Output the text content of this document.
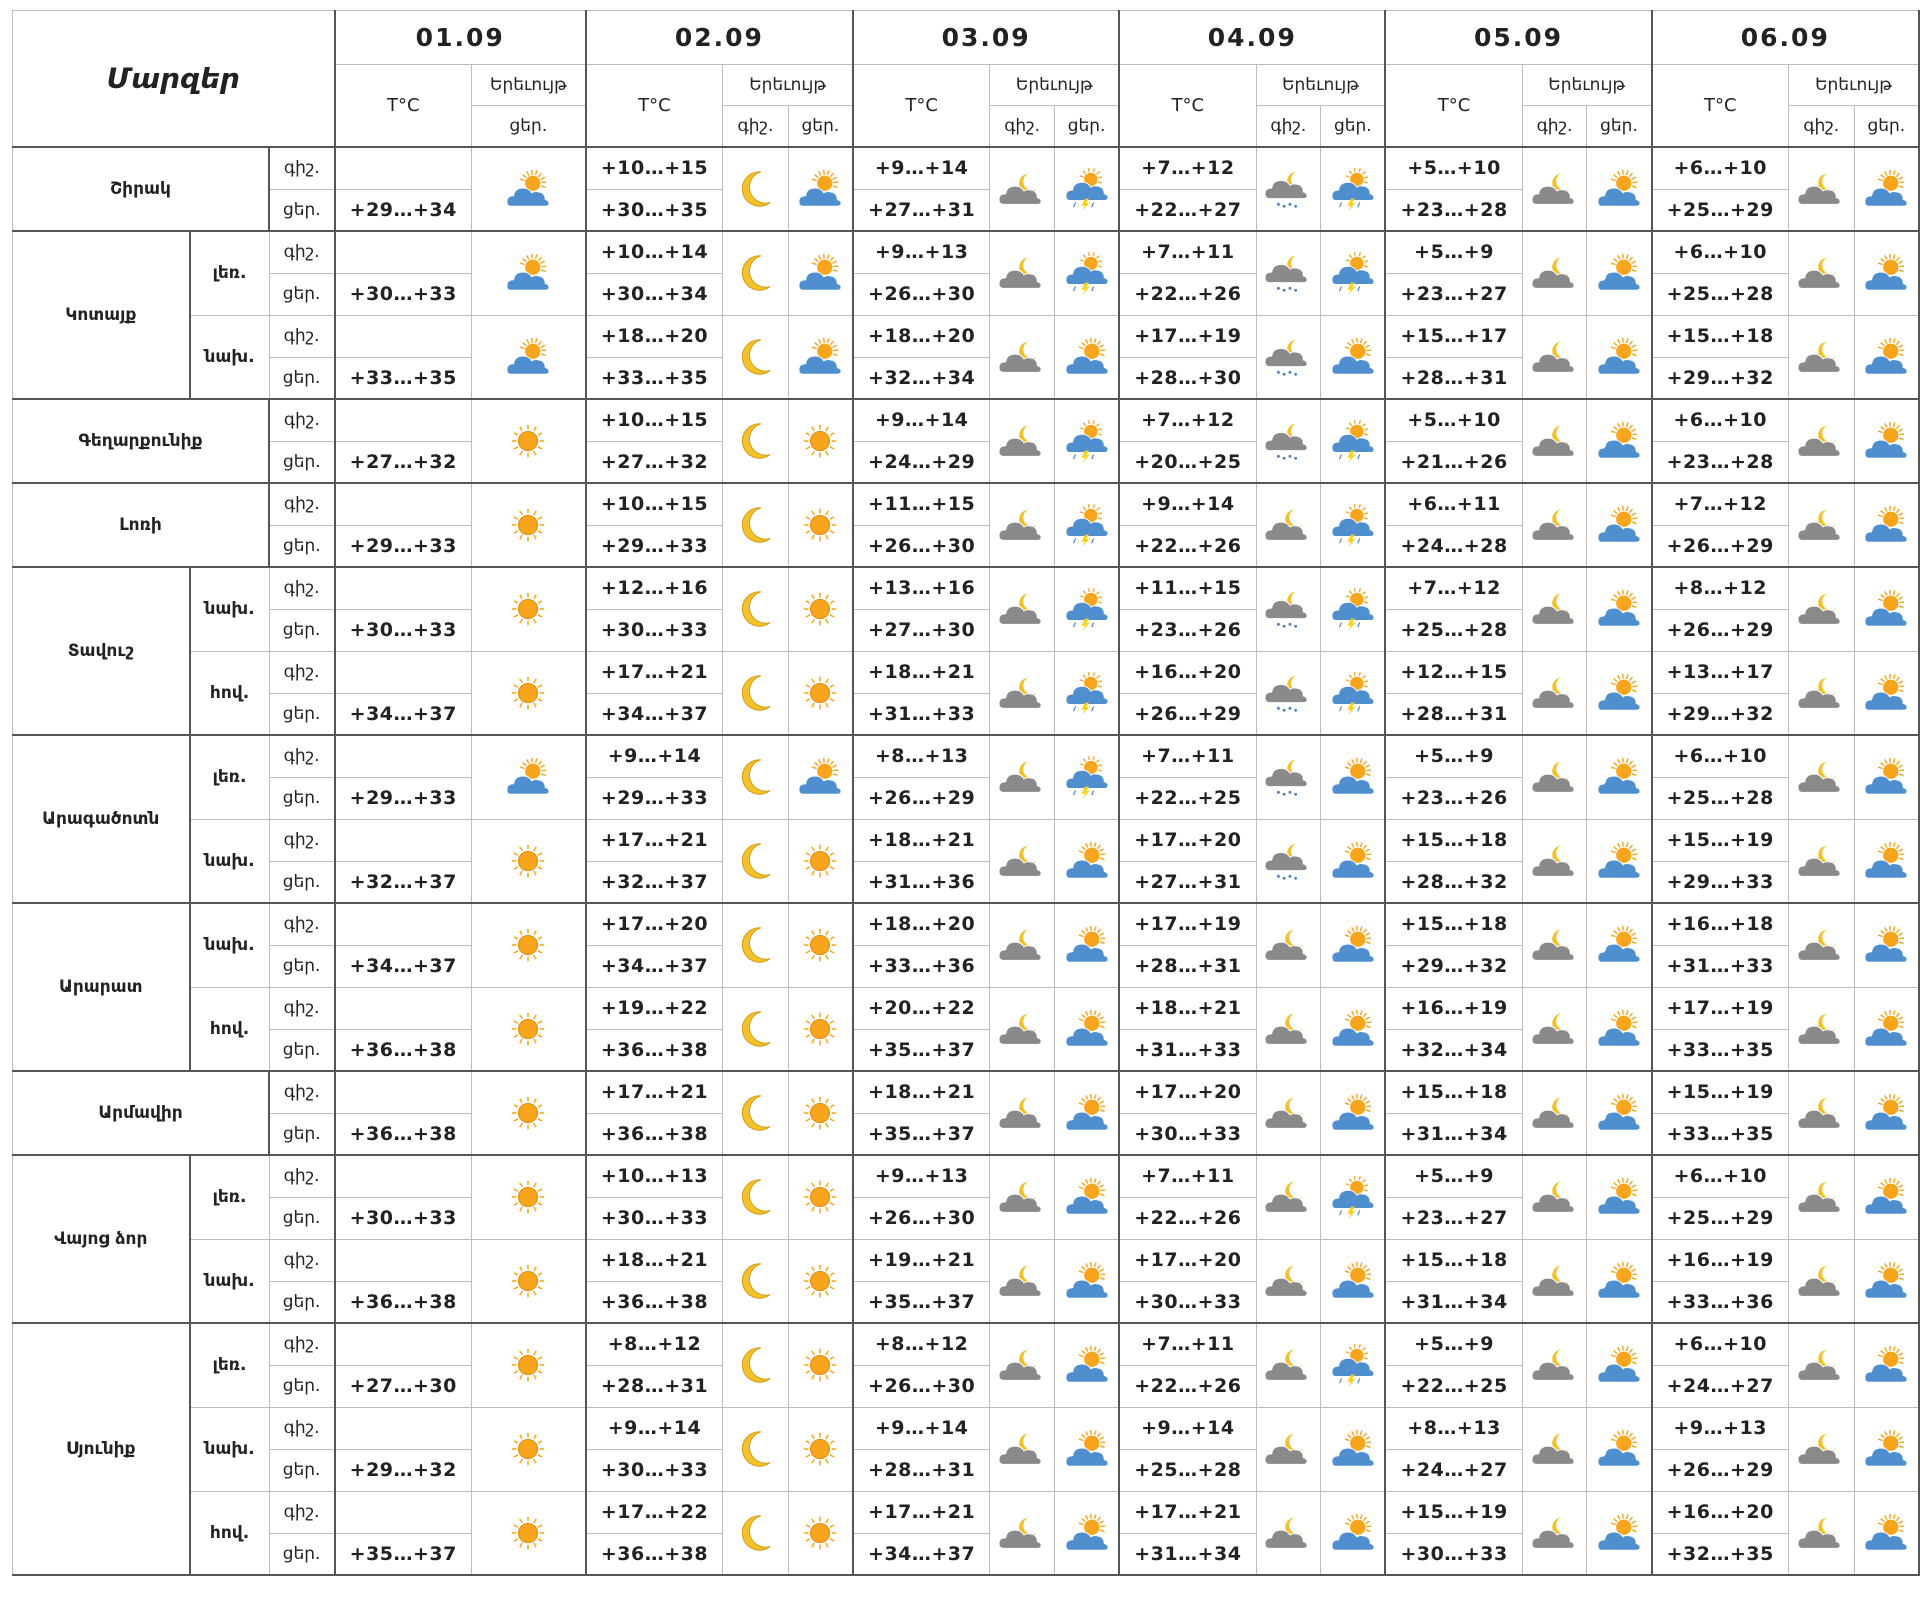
Մարզեր			01.09		02.09			03.09			04.09			05.09			06.09		
			T°C	Երեւույթ	T°C	Երեւույթ		T°C	Երեւույթ		T°C	Երեւույթ		T°C	Երեւույթ		T°C	Երեւույթ	
				ցեր.		գիշ.	ցեր.		գիշ.	ցեր.		գիշ.	ցեր.		գիշ.	ցեր.		գիշ.	ցեր.
Շիրակ		գիշ.			+10…+15			+9…+14			+7…+12			+5…+10			+6…+10	

		ցեր.	+29…+34		+30…+35			+27…+31			+22…+27			+23…+28			+25…+29		
Կոտայք	լեռ.	գիշ.			+10…+14			+9…+13			+7…+11			+5…+9			+6…+10	

		ցեր.	+30…+33		+30…+34			+26…+30			+22…+26			+23…+27			+25…+28		
	նախ.	գիշ.			+18…+20			+18…+20			+17…+19			+15…+17			+15…+18	

		ցեր.	+33…+35		+33…+35			+32…+34			+28…+30			+28…+31			+29…+32		
Գեղարքունիք		գիշ.			+10…+15			+9…+14			+7…+12			+5…+10			+6…+10	

		ցեր.	+27…+32		+27…+32			+24…+29			+20…+25			+21…+26			+23…+28		
Լոռի		գիշ.			+10…+15			+11…+15			+9…+14			+6…+11			+7…+12	

		ցեր.	+29…+33		+29…+33			+26…+30			+22…+26			+24…+28			+26…+29		
Տավուշ	նախ.	գիշ.			+12…+16			+13…+16			+11…+15			+7…+12			+8…+12	

		ցեր.	+30…+33		+30…+33			+27…+30			+23…+26			+25…+28			+26…+29		
	հով.	գիշ.			+17…+21			+18…+21			+16…+20			+12…+15			+13…+17	

		ցեր.	+34…+37		+34…+37			+31…+33			+26…+29			+28…+31			+29…+32		
Արագածոտն	լեռ.	գիշ.			+9…+14			+8…+13			+7…+11			+5…+9			+6…+10	

		ցեր.	+29…+33		+29…+33			+26…+29			+22…+25			+23…+26			+25…+28		
	նախ.	գիշ.			+17…+21			+18…+21			+17…+20			+15…+18			+15…+19	

		ցեր.	+32…+37		+32…+37			+31…+36			+27…+31			+28…+32			+29…+33		
Արարատ	նախ.	գիշ.			+17…+20			+18…+20			+17…+19			+15…+18			+16…+18	

		ցեր.	+34…+37		+34…+37			+33…+36			+28…+31			+29…+32			+31…+33		
	հով.	գիշ.			+19…+22			+20…+22			+18…+21			+16…+19			+17…+19	

		ցեր.	+36…+38		+36…+38			+35…+37			+31…+33			+32…+34			+33…+35		
Արմավիր		գիշ.			+17…+21			+18…+21			+17…+20			+15…+18			+15…+19	

		ցեր.	+36…+38		+36…+38			+35…+37			+30…+33			+31…+34			+33…+35		
Վայոց ձոր	լեռ.	գիշ.			+10…+13			+9…+13			+7…+11			+5…+9			+6…+10	

		ցեր.	+30…+33		+30…+33			+26…+30			+22…+26			+23…+27			+25…+29		
	նախ.	գիշ.			+18…+21			+19…+21			+17…+20			+15…+18			+16…+19	

		ցեր.	+36…+38		+36…+38			+35…+37			+30…+33			+31…+34			+33…+36		
Սյունիք	լեռ.	գիշ.			+8…+12			+8…+12			+7…+11			+5…+9			+6…+10	

		ցեր.	+27…+30		+28…+31			+26…+30			+22…+26			+22…+25			+24…+27		
	նախ.	գիշ.			+9…+14			+9…+14			+9…+14			+8…+13			+9…+13	

		ցեր.	+29…+32		+30…+33			+28…+31			+25…+28			+24…+27			+26…+29		
	հով.	գիշ.			+17…+22			+17…+21			+17…+21			+15…+19			+16…+20	

		ցեր.	+35…+37		+36…+38			+34…+37			+31…+34			+30…+33			+32…+35		
